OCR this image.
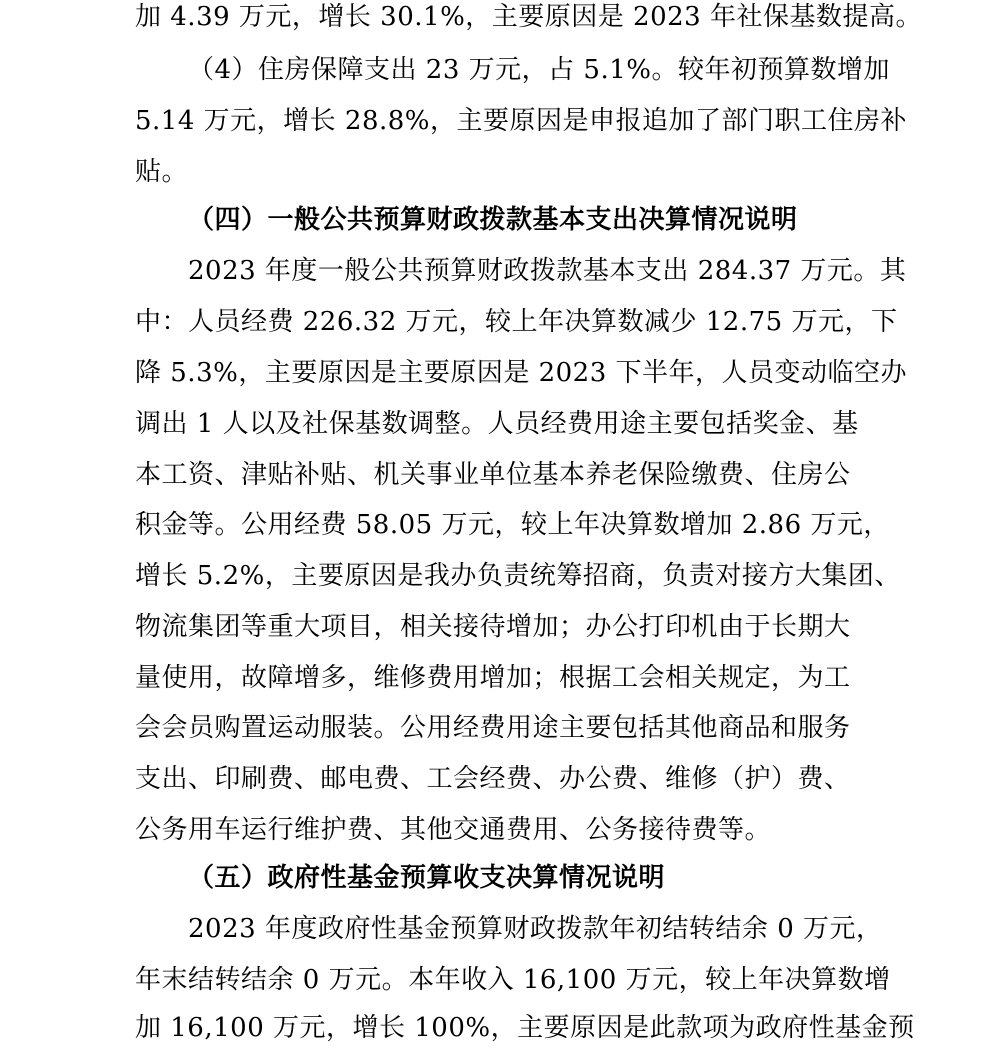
加 4.39 万元，增长 30.1%，主要原因是 2023 年社保基数提高。
（4）住房保障支出 23 万元，占 5.1%。较年初预算数增加
5.14 万元，增长 28.8%，主要原因是申报追加了部门职工住房补
贴。
（四）一般公共预算财政拨款基本支出决算情况说明
2023 年度一般公共预算财政拨款基本支出 284.37 万元。其
中：人员经费 226.32 万元，较上年决算数减少 12.75 万元，下
降 5.3%，主要原因是主要原因是 2023 下半年，人员变动临空办
调出 1 人以及社保基数调整。人员经费用途主要包括奖金、基
本工资、津贴补贴、机关事业单位基本养老保险缴费、住房公
积金等。公用经费 58.05 万元，较上年决算数增加 2.86 万元，
增长 5.2%，主要原因是我办负责统筹招商，负责对接方大集团、
物流集团等重大项目，相关接待增加；办公打印机由于长期大
量使用，故障增多，维修费用增加；根据工会相关规定，为工
会会员购置运动服装。公用经费用途主要包括其他商品和服务
支出、印刷费、邮电费、工会经费、办公费、维修（护）费、
公务用车运行维护费、其他交通费用、公务接待费等。
（五）政府性基金预算收支决算情况说明
2023 年度政府性基金预算财政拨款年初结转结余 0 万元，
年末结转结余 0 万元。本年收入 16,100 万元，较上年决算数增
加 16,100 万元，增长 100%，主要原因是此款项为政府性基金预
